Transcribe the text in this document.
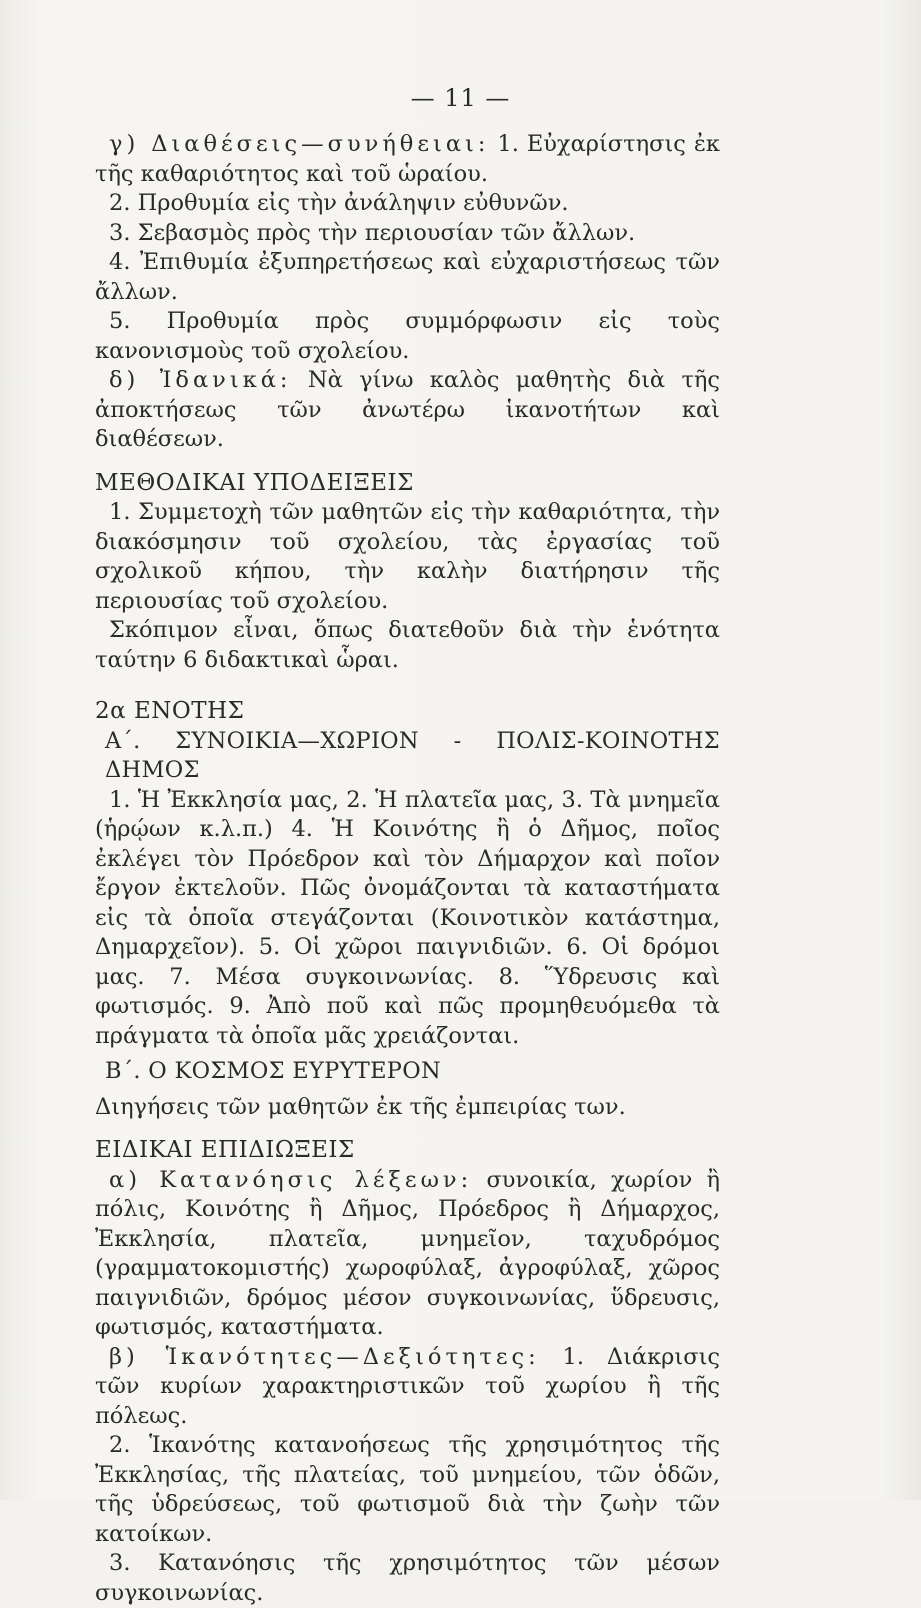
— 11 —

γ) Διαθέσεις—συνήθειαι: 1. Εὐχαρίστησις ἐκ τῆς καθαριότητος καὶ τοῦ ὡραίου.

2. Προθυμία εἰς τὴν ἀνάληψιν εὐθυνῶν.

3. Σεβασμὸς πρὸς τὴν περιουσίαν τῶν ἄλλων.

4. Ἐπιθυμία ἐξυπηρετήσεως καὶ εὐχαριστήσεως τῶν ἄλλων.

5. Προθυμία πρὸς συμμόρφωσιν εἰς τοὺς κανονισμοὺς τοῦ σχολείου.

δ) Ἰδανικά: Νὰ γίνω καλὸς μαθητὴς διὰ τῆς ἀποκτήσεως τῶν ἀνωτέρω ἱκανοτήτων καὶ διαθέσεων.

ΜΕΘΟΔΙΚΑΙ ΥΠΟΔΕΙΞΕΙΣ

1. Συμμετοχὴ τῶν μαθητῶν εἰς τὴν καθαριότητα, τὴν διακόσμησιν τοῦ σχολείου, τὰς ἐργασίας τοῦ σχολικοῦ κήπου, τὴν καλὴν διατήρησιν τῆς περιουσίας τοῦ σχολείου.

Σκόπιμον εἶναι, ὅπως διατεθοῦν διὰ τὴν ἑνότητα ταύτην 6 διδακτικαὶ ὧραι.

2α ΕΝΟΤΗΣ

Α΄. ΣΥΝΟΙΚΙΑ—ΧΩΡΙΟΝ - ΠΟΛΙΣ-ΚΟΙΝΟΤΗΣ ΔΗΜΟΣ

1. Ἡ Ἐκκλησία μας, 2. Ἡ πλατεῖα μας, 3. Τὰ μνημεῖα (ἡρῴων κ.λ.π.) 4. Ἡ Κοινότης ἢ ὁ Δῆμος, ποῖος ἐκλέγει τὸν Πρόεδρον καὶ τὸν Δήμαρχον καὶ ποῖον ἔργον ἐκτελοῦν. Πῶς ὀνομάζονται τὰ καταστήματα εἰς τὰ ὁποῖα στεγάζονται (Κοινοτικὸν κατάστημα, Δημαρχεῖον). 5. Οἱ χῶροι παιγνιδιῶν. 6. Οἱ δρόμοι μας. 7. Μέσα συγκοινωνίας. 8. Ὕδρευσις καὶ φωτισμός. 9. Ἀπὸ ποῦ καὶ πῶς προμηθευόμεθα τὰ πράγματα τὰ ὁποῖα μᾶς χρειάζονται.

Β΄. Ο ΚΟΣΜΟΣ ΕΥΡΥΤΕΡΟΝ

Διηγήσεις τῶν μαθητῶν ἐκ τῆς ἐμπειρίας των.

ΕΙΔΙΚΑΙ ΕΠΙΔΙΩΞΕΙΣ

α) Κατανόησις λέξεων: συνοικία, χωρίον ἢ πόλις, Κοινότης ἢ Δῆμος, Πρόεδρος ἢ Δήμαρχος, Ἐκκλησία, πλατεῖα, μνημεῖον, ταχυδρόμος (γραμματοκομιστής) χωροφύλαξ, ἀγροφύλαξ, χῶρος παιγνιδιῶν, δρόμος μέσον συγκοινωνίας, ὕδρευσις, φωτισμός, καταστήματα.

β) Ἱκανότητες—Δεξιότητες: 1. Διάκρισις τῶν κυρίων χαρακτηριστικῶν τοῦ χωρίου ἢ τῆς πόλεως.

2. Ἱκανότης κατανοήσεως τῆς χρησιμότητος τῆς Ἐκκλησίας, τῆς πλατείας, τοῦ μνημείου, τῶν ὁδῶν, τῆς ὑδρεύσεως, τοῦ φωτισμοῦ διὰ τὴν ζωὴν τῶν κατοίκων.

3. Κατανόησις τῆς χρησιμότητος τῶν μέσων συγκοινωνίας.
